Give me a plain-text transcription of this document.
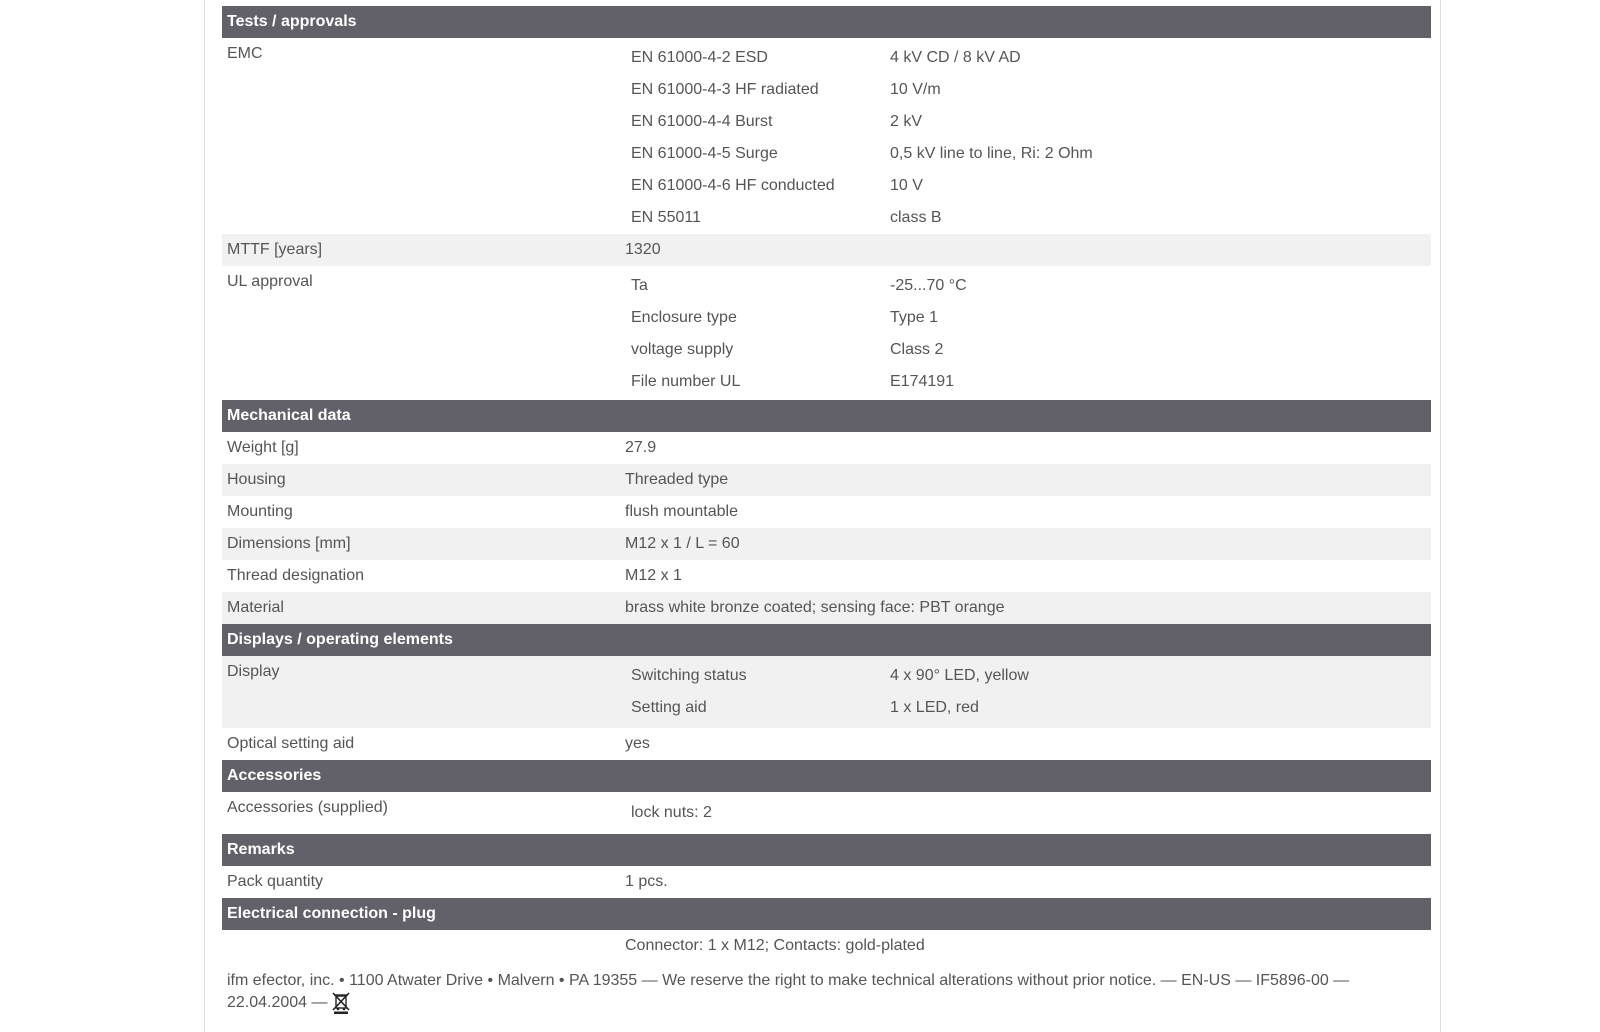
Tests / approvals
EMC	EN 61000-4-2 ESD	4 kV CD / 8 kV AD
EN 61000-4-3 HF radiated	10 V/m
EN 61000-4-4 Burst	2 kV
EN 61000-4-5 Surge	0,5 kV line to line, Ri: 2 Ohm
EN 61000-4-6 HF conducted	10 V
EN 55011	class B
MTTF [years]	1320
UL approval	Ta	-25...70 °C
Enclosure type	Type 1
voltage supply	Class 2
File number UL	E174191
Mechanical data
Weight [g]	27.9
Housing	Threaded type
Mounting	flush mountable
Dimensions [mm]	M12 x 1 / L = 60
Thread designation	M12 x 1
Material	brass white bronze coated; sensing face: PBT orange
Displays / operating elements
Display	Switching status	4 x 90° LED, yellow
Setting aid	1 x LED, red
Optical setting aid	yes
Accessories
Accessories (supplied)	lock nuts: 2
Remarks
Pack quantity	1 pcs.
Electrical connection - plug
Connector: 1 x M12; Contacts: gold-plated
ifm efector, inc. • 1100 Atwater Drive • Malvern • PA 19355 — We reserve the right to make technical alterations without prior notice. — EN-US — IF5896-00 — 22.04.2004 —
